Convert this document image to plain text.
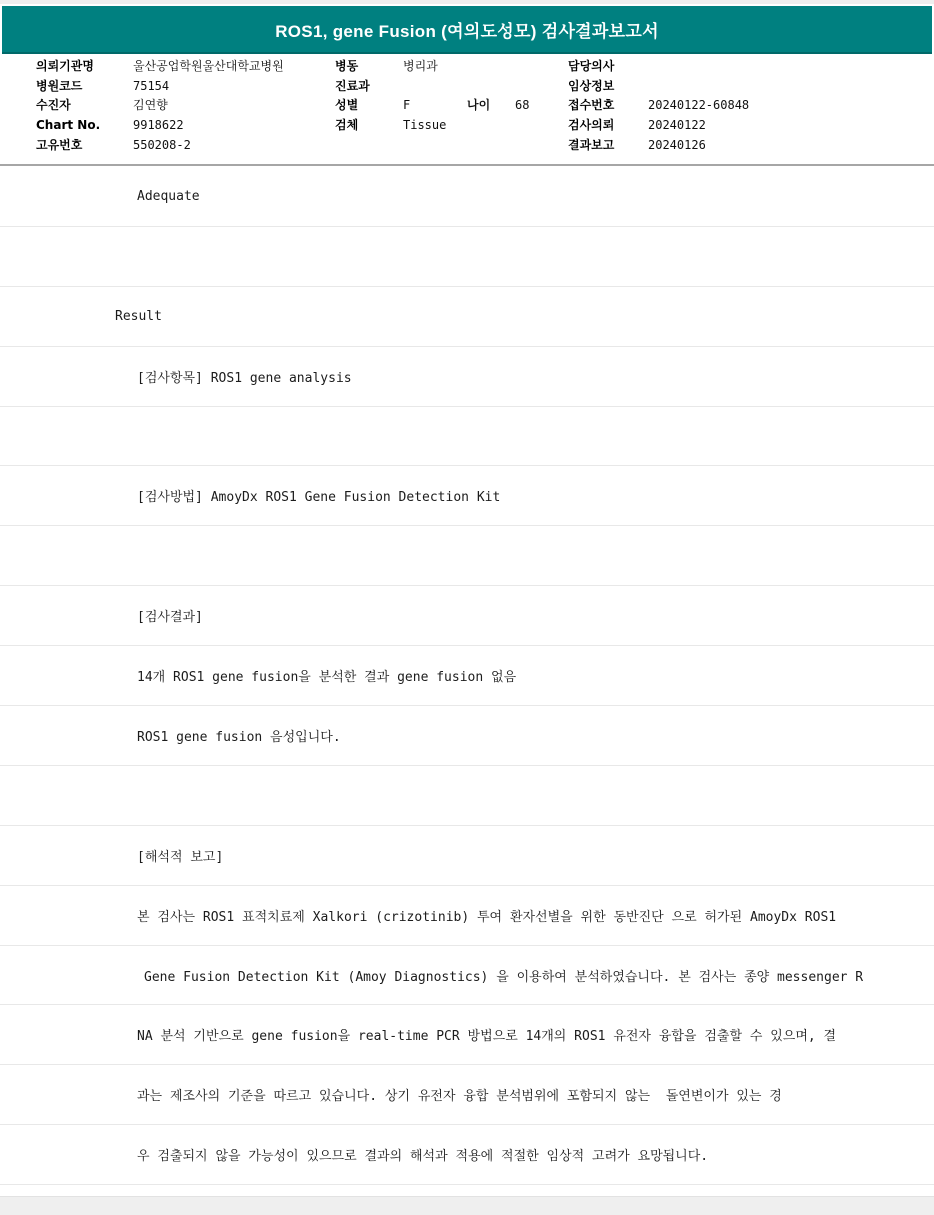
ROS1, gene Fusion (여의도성모) 검사결과보고서
의뢰기관명	울산공업학원울산대학교병원
병원코드	75154
수진자	김연향
Chart No.	9918622
고유번호	550208-2
병동	병리과
진료과
성별	F	나이 68
검체	Tissue
담당의사
임상정보
접수번호	20240122-60848
검사의뢰	20240122
결과보고	20240126
Adequate
Result
[검사항목] ROS1 gene analysis
[검사방법] AmoyDx ROS1 Gene Fusion Detection Kit
[검사결과]
14개 ROS1 gene fusion을 분석한 결과 gene fusion 없음
ROS1 gene fusion 음성입니다.
[해석적 보고]
본 검사는 ROS1 표적치료제 Xalkori (crizotinib) 투여 환자선별을 위한 동반진단 으로 허가된 AmoyDx ROS1
Gene Fusion Detection Kit (Amoy Diagnostics) 을 이용하여 분석하였습니다. 본 검사는 종양 messenger R
NA 분석 기반으로 gene fusion을 real-time PCR 방법으로 14개의 ROS1 유전자 융합을 검출할 수 있으며, 결
과는 제조사의 기준을 따르고 있습니다. 상기 유전자 융합 분석범위에 포함되지 않는  돌연변이가 있는 경
우 검출되지 않을 가능성이 있으므로 결과의 해석과 적용에 적절한 임상적 고려가 요망됩니다.
